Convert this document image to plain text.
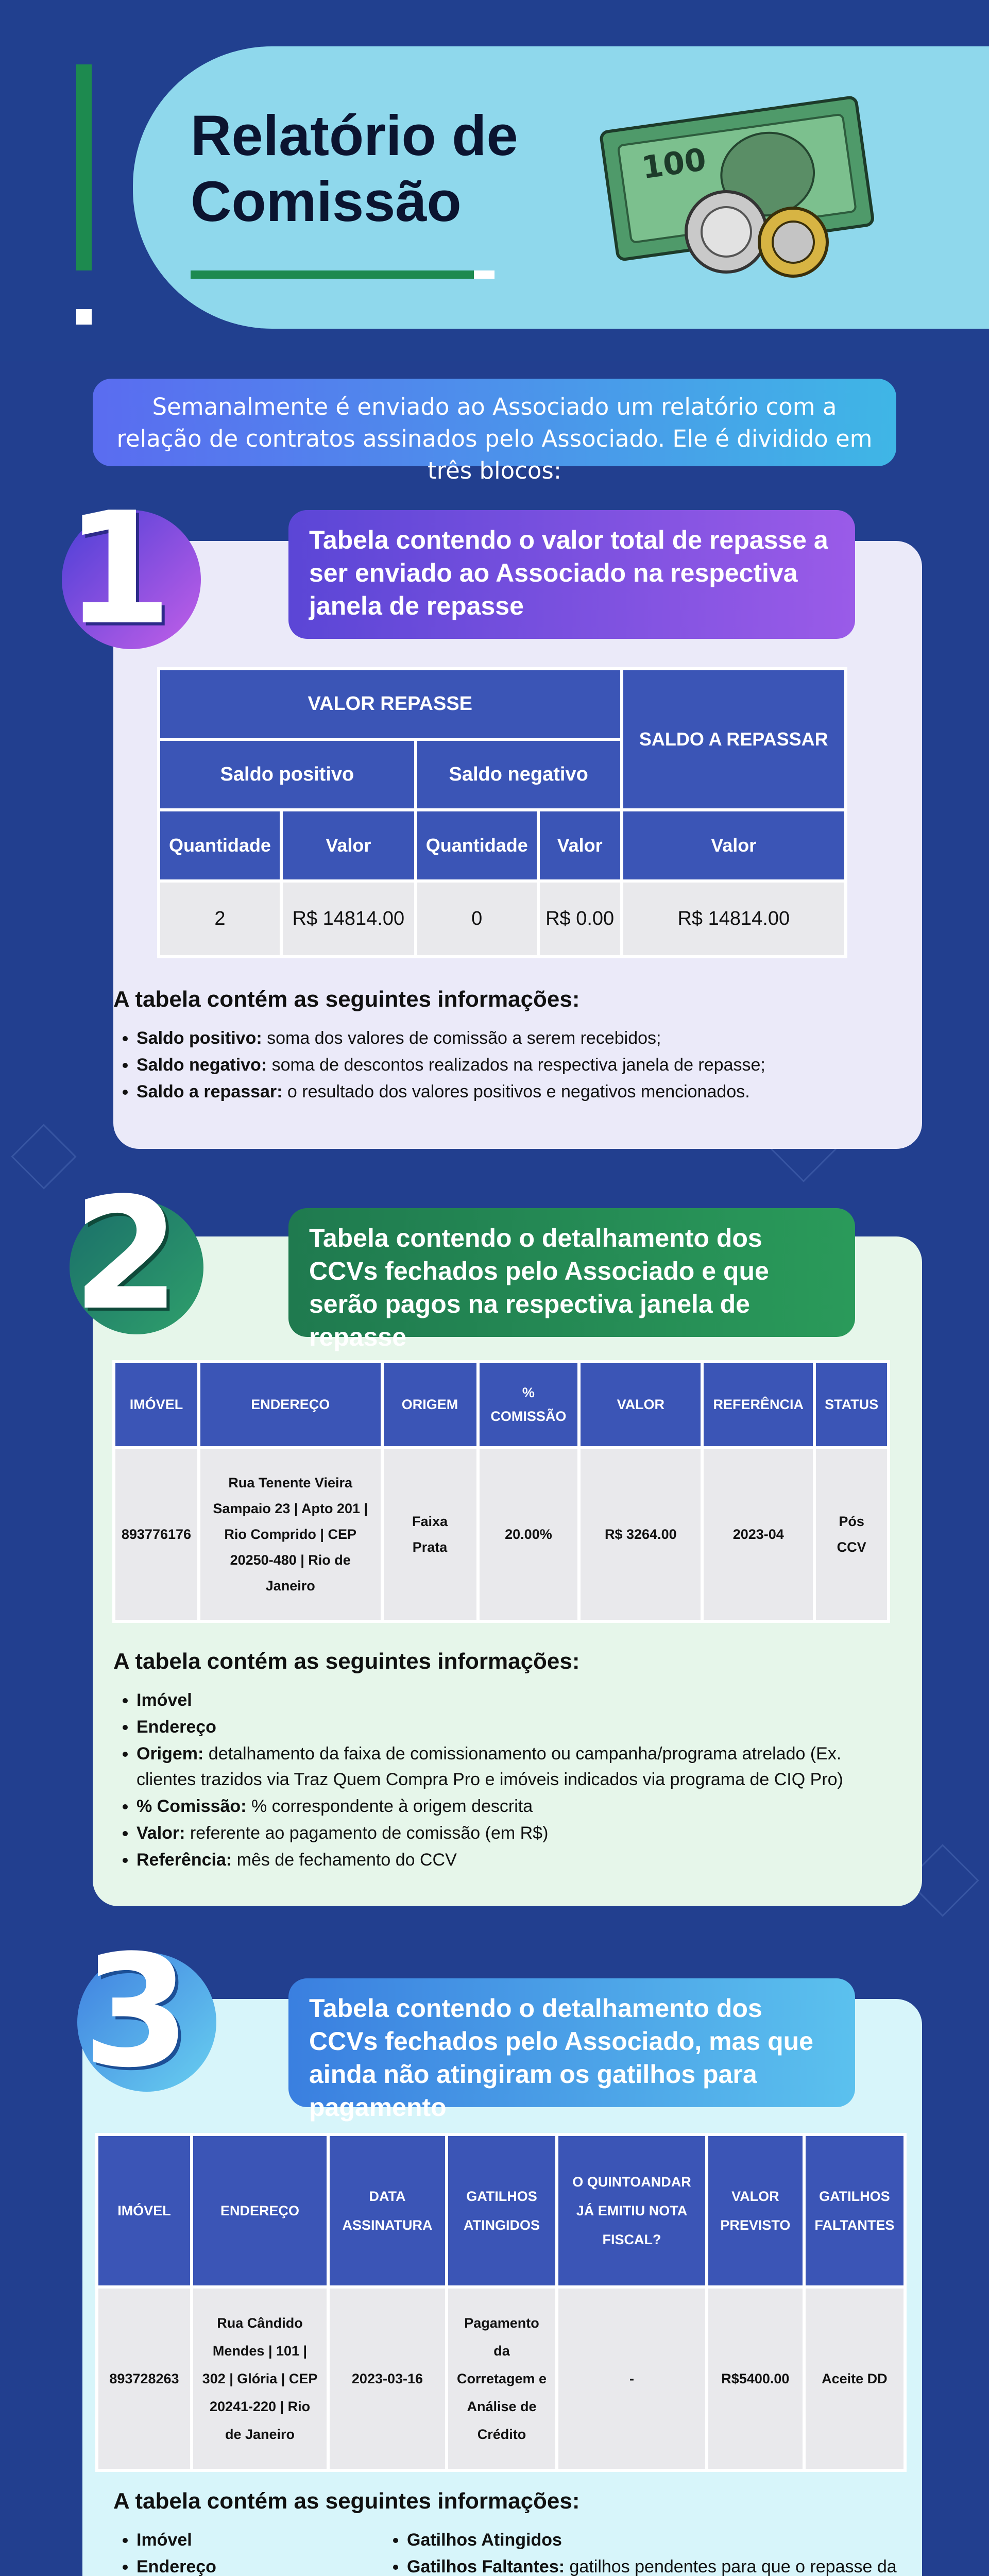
Relatório de
Comissão
100
Semanalmente é enviado ao Associado um relatório com a relação de contratos assinados pelo Associado. Ele é dividido em três blocos:
1	Tabela contendo o valor total de repasse a ser enviado ao Associado na respectiva janela de repasse
VALOR REPASSE				SALDO A REPASSAR
Saldo positivo		Saldo negativo		
Quantidade	Valor	Quantidade	Valor	Valor
2	R$ 14814.00	0	R$ 0.00	R$ 14814.00
A tabela contém as seguintes informações:
• Saldo positivo: soma dos valores de comissão a serem recebidos;
• Saldo negativo: soma de descontos realizados na respectiva janela de repasse;
• Saldo a repassar: o resultado dos valores positivos e negativos mencionados.
2	Tabela contendo o detalhamento dos CCVs fechados pelo Associado e que serão pagos na respectiva janela de repasse
IMÓVEL	ENDEREÇO	ORIGEM	% COMISSÃO	VALOR	REFERÊNCIA	STATUS
893776176	Rua Tenente Vieira Sampaio 23 | Apto 201 | Rio Comprido | CEP 20250-480 | Rio de Janeiro	Faixa Prata	20.00%	R$ 3264.00	2023-04	Pós CCV
A tabela contém as seguintes informações:
• Imóvel
• Endereço
• Origem: detalhamento da faixa de comissionamento ou campanha/programa atrelado (Ex. clientes trazidos via Traz Quem Compra Pro e imóveis indicados via programa de CIQ Pro)
• % Comissão: % correspondente à origem descrita
• Valor: referente ao pagamento de comissão (em R$)
• Referência: mês de fechamento do CCV
3	Tabela contendo o detalhamento dos CCVs fechados pelo Associado, mas que ainda não atingiram os gatilhos para pagamento
IMÓVEL	ENDEREÇO	DATA ASSINATURA	GATILHOS ATINGIDOS	O QUINTOANDAR JÁ EMITIU NOTA FISCAL?	VALOR PREVISTO	GATILHOS FALTANTES
893728263	Rua Cândido Mendes | 101 | 302 | Glória | CEP 20241-220 | Rio de Janeiro	2023-03-16	Pagamento da Corretagem e Análise de Crédito	-	R$5400.00	Aceite DD
A tabela contém as seguintes informações:
• Imóvel
• Endereço
• Gatilhos Atingidos
• Gatilhos Faltantes: gatilhos pendentes para que o repasse da
